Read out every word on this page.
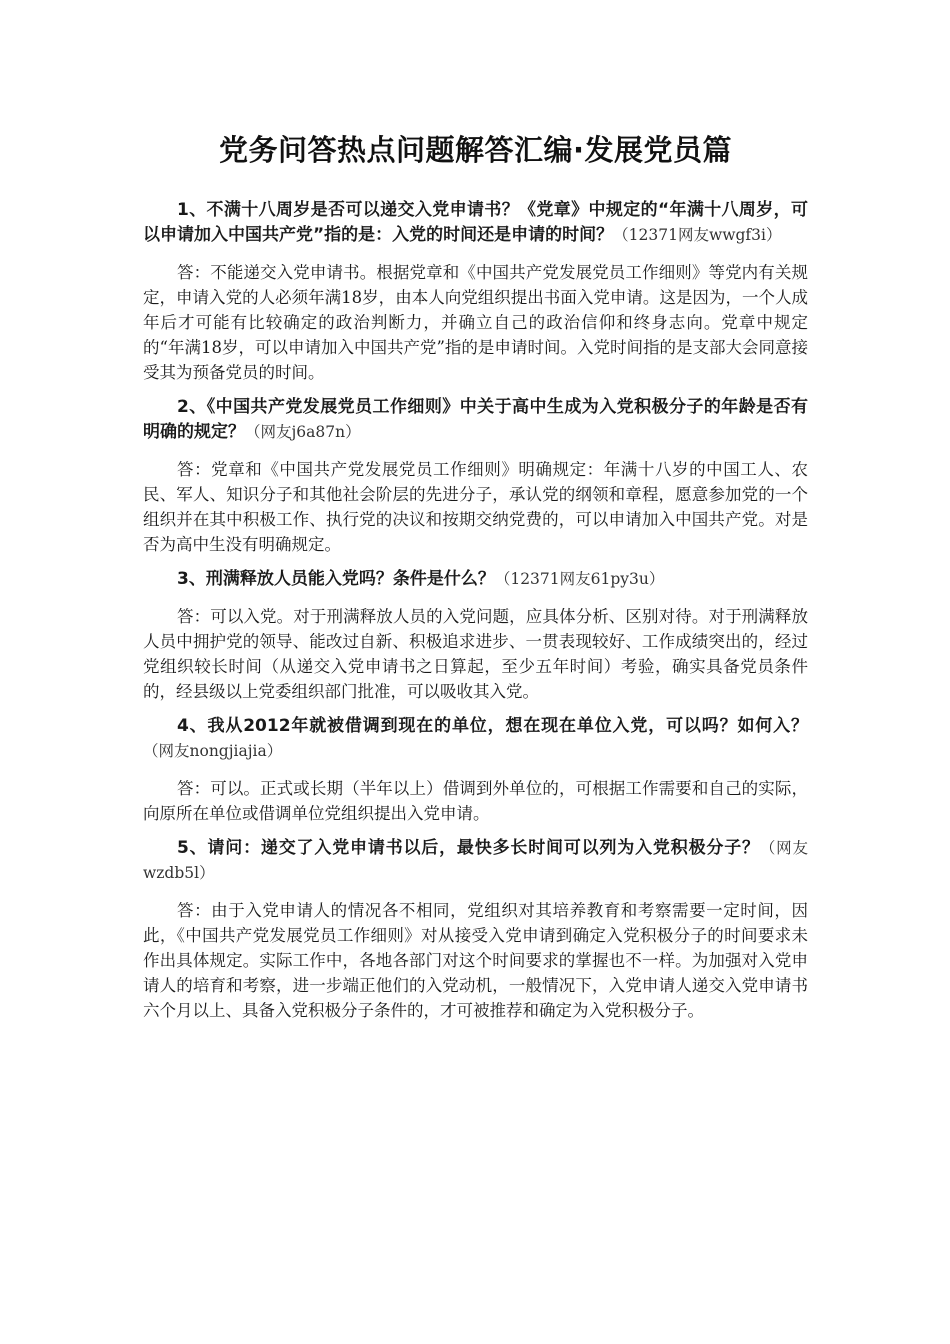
党务问答热点问题解答汇编·发展党员篇

1、不满十八周岁是否可以递交入党申请书？《党章》中规定的“年满十八周岁，可以申请加入中国共产党”指的是：入党的时间还是申请的时间？（12371网友wwgf3i）

答：不能递交入党申请书。根据党章和《中国共产党发展党员工作细则》等党内有关规定，申请入党的人必须年满18岁，由本人向党组织提出书面入党申请。这是因为，一个人成年后才可能有比较确定的政治判断力，并确立自己的政治信仰和终身志向。党章中规定的“年满18岁，可以申请加入中国共产党”指的是申请时间。入党时间指的是支部大会同意接受其为预备党员的时间。

2、《中国共产党发展党员工作细则》中关于高中生成为入党积极分子的年龄是否有明确的规定？（网友j6a87n）

答：党章和《中国共产党发展党员工作细则》明确规定：年满十八岁的中国工人、农民、军人、知识分子和其他社会阶层的先进分子，承认党的纲领和章程，愿意参加党的一个组织并在其中积极工作、执行党的决议和按期交纳党费的，可以申请加入中国共产党。对是否为高中生没有明确规定。

3、刑满释放人员能入党吗？条件是什么？（12371网友61py3u）

答：可以入党。对于刑满释放人员的入党问题，应具体分析、区别对待。对于刑满释放人员中拥护党的领导、能改过自新、积极追求进步、一贯表现较好、工作成绩突出的，经过党组织较长时间（从递交入党申请书之日算起，至少五年时间）考验，确实具备党员条件的，经县级以上党委组织部门批准，可以吸收其入党。

4、我从2012年就被借调到现在的单位，想在现在单位入党，可以吗？如何入？（网友nongjiajia）

答：可以。正式或长期（半年以上）借调到外单位的，可根据工作需要和自己的实际，向原所在单位或借调单位党组织提出入党申请。

5、请问：递交了入党申请书以后，最快多长时间可以列为入党积极分子？（网友wzdb5l）

答：由于入党申请人的情况各不相同，党组织对其培养教育和考察需要一定时间，因此，《中国共产党发展党员工作细则》对从接受入党申请到确定入党积极分子的时间要求未作出具体规定。实际工作中，各地各部门对这个时间要求的掌握也不一样。为加强对入党申请人的培育和考察，进一步端正他们的入党动机，一般情况下，入党申请人递交入党申请书六个月以上、具备入党积极分子条件的，才可被推荐和确定为入党积极分子。
